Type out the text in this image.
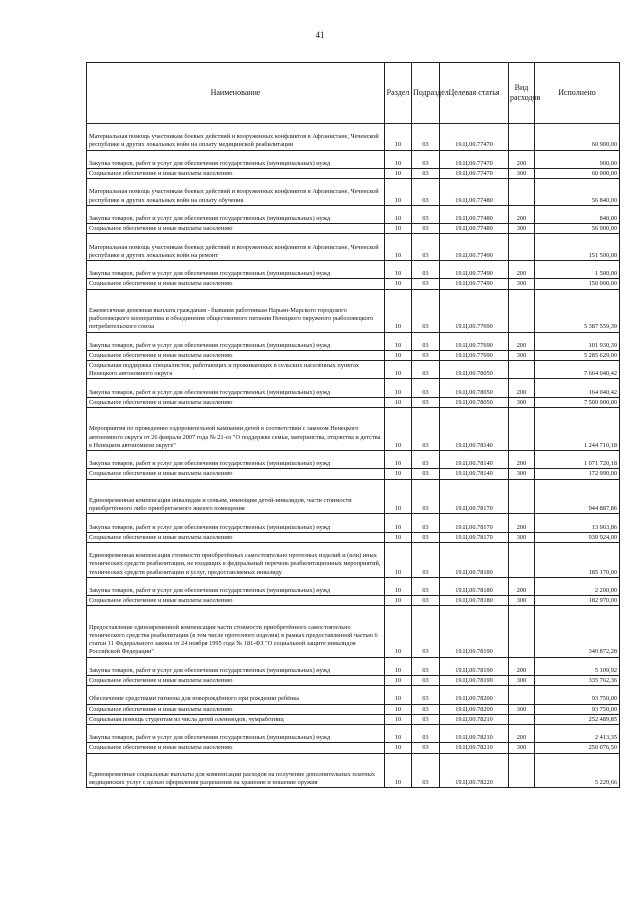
41
Наименование	Раздел	Подраздел	Целевая статья	Вид расходов	Исполнено
Материальная помощь участникам боевых действий и вооруженных конфликтов в Афганистане, Чеченской республике и других локальных войн на оплату медицинской реабилитации	10	03	19.Ц.00.77470		60 900,00
Закупка товаров, работ и услуг для обеспечения государственных (муниципальных) нужд	10	03	19.Ц.00.77470	200	900,00
Социальное обеспечение и иные выплаты населению	10	03	19.Ц.00.77470	300	60 000,00
Материальная помощь участникам боевых действий и вооруженных конфликтов в Афганистане, Чеченской республике и других локальных войн на оплату обучения	10	03	19.Ц.00.77480		56 840,00
Закупка товаров, работ и услуг для обеспечения государственных (муниципальных) нужд	10	03	19.Ц.00.77480	200	840,00
Социальное обеспечение и иные выплаты населению	10	03	19.Ц.00.77480	300	56 000,00
Материальная помощь участникам боевых действий и вооруженных конфликтов в Афганистане, Чеченской республике и других локальных войн на ремонт	10	03	19.Ц.00.77490		151 500,00
Закупка товаров, работ и услуг для обеспечения государственных (муниципальных) нужд	10	03	19.Ц.00.77490	200	1 500,00
Социальное обеспечение и иные выплаты населению	10	03	19.Ц.00.77490	300	150 000,00
Ежемесячная денежная выплата гражданам - бывшим работникам Нарьян-Марского городского рыболовецкого кооператива и объединения общественного питания Ненецкого окружного рыболовецкого потребительского союза	10	03	19.Ц.00.77690		5 387 559,39
Закупка товаров, работ и услуг для обеспечения государственных (муниципальных) нужд	10	03	19.Ц.00.77690	200	101 930,39
Социальное обеспечение и иные выплаты населению	10	03	19.Ц.00.77690	300	5 285 629,00
Социальная поддержка специалистов, работающих и проживающих в сельских населённых пунктах Ненецкого автономного округа	10	03	19.Ц.00.78050		7 664 040,42
Закупка товаров, работ и услуг для обеспечения государственных (муниципальных) нужд	10	03	19.Ц.00.78050	200	164 040,42
Социальное обеспечение и иные выплаты населению	10	03	19.Ц.00.78050	300	7 500 000,00
Мероприятия по проведению оздоровительной кампании детей в соответствии с законом Ненецкого автономного округа от 26 февраля 2007 года № 21-оз "О поддержке семьи, материнства, отцовства и детства в Ненецком автономном округе"	10	03	19.Ц.00.78140		1 244 710,18
Закупка товаров, работ и услуг для обеспечения государственных (муниципальных) нужд	10	03	19.Ц.00.78140	200	1 071 720,18
Социальное обеспечение и иные выплаты населению	10	03	19.Ц.00.78140	300	172 990,00
Единовременная компенсация инвалидам и семьям, имеющим детей-инвалидов, части стоимости приобретённого либо приобретаемого жилого помещения	10	03	19.Ц.00.78170		944 887,86
Закупка товаров, работ и услуг для обеспечения государственных (муниципальных) нужд	10	03	19.Ц.00.78170	200	13 963,86
Социальное обеспечение и иные выплаты населению	10	03	19.Ц.00.78170	300	930 924,00
Единовременная компенсация стоимости приобретённых самостоятельно протезных изделий и (или) иных технических средств реабилитации, не входящих в федеральный перечень реабилитационных мероприятий, технических средств реабилитации и услуг, предоставляемых инвалиду	10	03	19.Ц.00.78180		185 170,00
Закупка товаров, работ и услуг для обеспечения государственных (муниципальных) нужд	10	03	19.Ц.00.78180	200	2 200,00
Социальное обеспечение и иные выплаты населению	10	03	19.Ц.00.78180	300	182 970,00
Предоставление единовременной компенсации части стоимости приобретённого самостоятельно технического средства реабилитации (в том числе протезного изделия) в рамках предоставленной частью 6 статьи 11 Федерального закона от 24 ноября 1995 года № 181-ФЗ "О социальной защите инвалидов Российской Федерации"	10	03	19.Ц.00.78190		340 872,28
Закупка товаров, работ и услуг для обеспечения государственных (муниципальных) нужд	10	03	19.Ц.00.78190	200	5 109,92
Социальное обеспечение и иные выплаты населению	10	03	19.Ц.00.78190	300	335 762,36
Обеспечение средствами гигиены для новорождённого при рождении ребёнка	10	03	19.Ц.00.78200		93 750,00
Социальное обеспечение и иные выплаты населению	10	03	19.Ц.00.78200	300	93 750,00
Социальная помощь студентам из числа детей оленеводов, чумработниц	10	03	19.Ц.00.78210		252 489,85
Закупка товаров, работ и услуг для обеспечения государственных (муниципальных) нужд	10	03	19.Ц.00.78210	200	2 413,35
Социальное обеспечение и иные выплаты населению	10	03	19.Ц.00.78210	300	250 076,50
Единовременные социальные выплаты для компенсации расходов на получение дополнительных платных медицинских услуг с целью оформления разрешения на хранение и ношение оружия	10	03	19.Ц.00.78220		5 229,66
